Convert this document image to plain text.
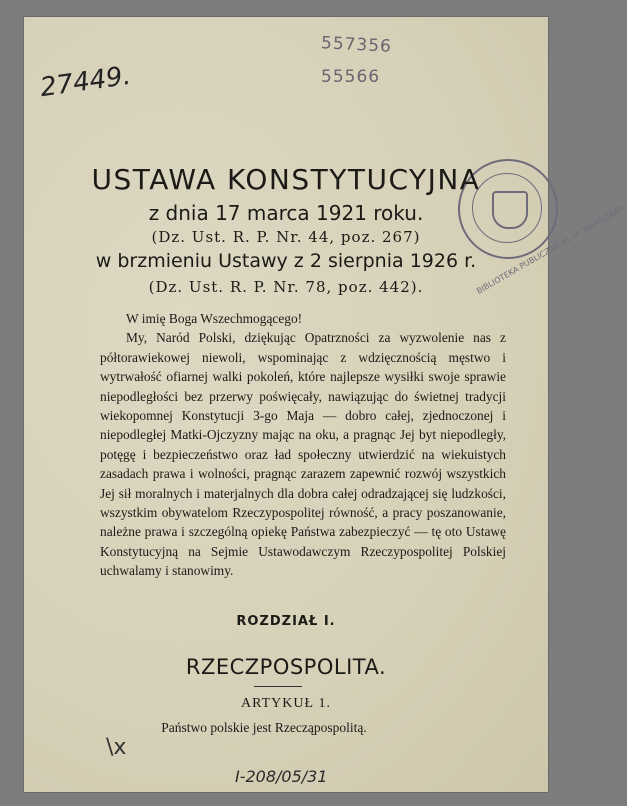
27449.
557356
55566
BIBLIOTEKA PUBLICZNA m. st. WARSZAWY
USTAWA KONSTYTUCYJNA
z dnia 17 marca 1921 roku.
(Dz. Ust. R. P. Nr. 44, poz. 267)
w brzmieniu Ustawy z 2 sierpnia 1926 r.
(Dz. Ust. R. P. Nr. 78, poz. 442).

W imię Boga Wszechmogącego!

My, Naród Polski, dziękując Opatrzności za wyzwolenie nas z półtorawiekowej niewoli, wspominając z wdzięcznością męstwo i wytrwałość ofiarnej walki pokoleń, które najlepsze wysiłki swoje sprawie niepodległości bez przerwy poświęcały, nawiązując do świetnej tradycji wiekopomnej Konstytucji 3-go Maja — dobro całej, zjednoczonej i niepodległej Matki-Ojczyzny mając na oku, a pragnąc Jej byt niepodległy, potęgę i bezpieczeństwo oraz ład społeczny utwierdzić na wiekuistych zasadach prawa i wolności, pragnąc zarazem zapewnić rozwój wszystkich Jej sił moralnych i materjalnych dla dobra całej odradzającej się ludzkości, wszystkim obywatelom Rzeczypospolitej równość, a pracy poszanowanie, należne prawa i szczególną opiekę Państwa zabezpieczyć — tę oto Ustawę Konstytucyjną na Sejmie Ustawodawczym Rzeczypospolitej Polskiej uchwalamy i stanowimy.

ROZDZIAŁ I.
RZECZPOSPOLITA.
ARTYKUŁ 1.
Państwo polskie jest Rzecząpospolitą.
\x
I-208/05/31
